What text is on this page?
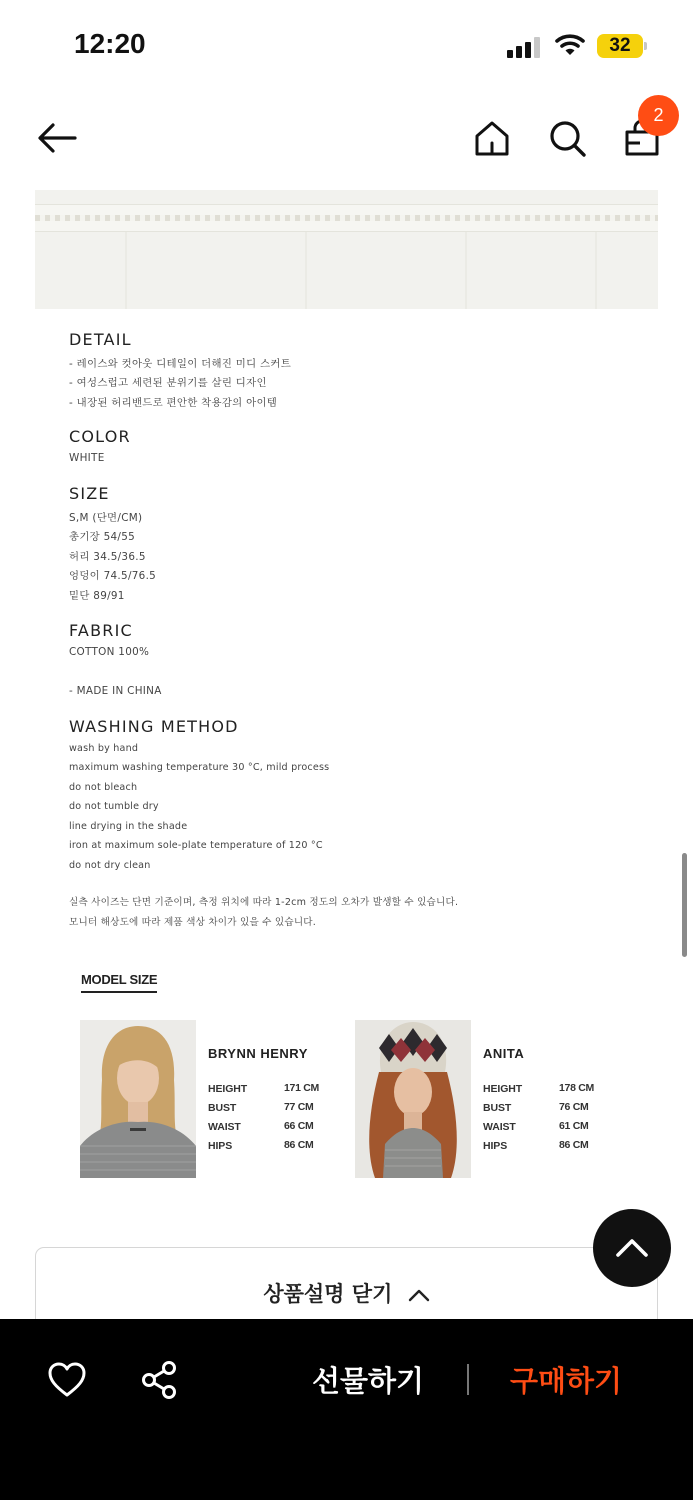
12:20	32
2
DETAIL
- 레이스와 컷아웃 디테일이 더해진 미디 스커트
- 여성스럽고 세련된 분위기를 살린 디자인
- 내장된 허리밴드로 편안한 착용감의 아이템
COLOR
WHITE
SIZE
S,M (단면/CM)
총기장 54/55
허리 34.5/36.5
엉덩이 74.5/76.5
밑단 89/91
FABRIC
COTTON 100%
- MADE IN CHINA
WASHING METHOD
wash by hand
maximum washing temperature 30 °C, mild process
do not bleach
do not tumble dry
line drying in the shade
iron at maximum sole-plate temperature of 120 °C
do not dry clean
실측 사이즈는 단면 기준이며, 측정 위치에 따라 1-2cm 정도의 오차가 발생할 수 있습니다.
모니터 해상도에 따라 제품 색상 차이가 있을 수 있습니다.
MODEL SIZE
BRYNN HENRY
HEIGHT
BUST
WAIST
HIPS
171 CM
77 CM
66 CM
86 CM
ANITA
HEIGHT
BUST
WAIST
HIPS
178 CM
76 CM
61 CM
86 CM
상품설명 닫기
선물하기	구매하기
